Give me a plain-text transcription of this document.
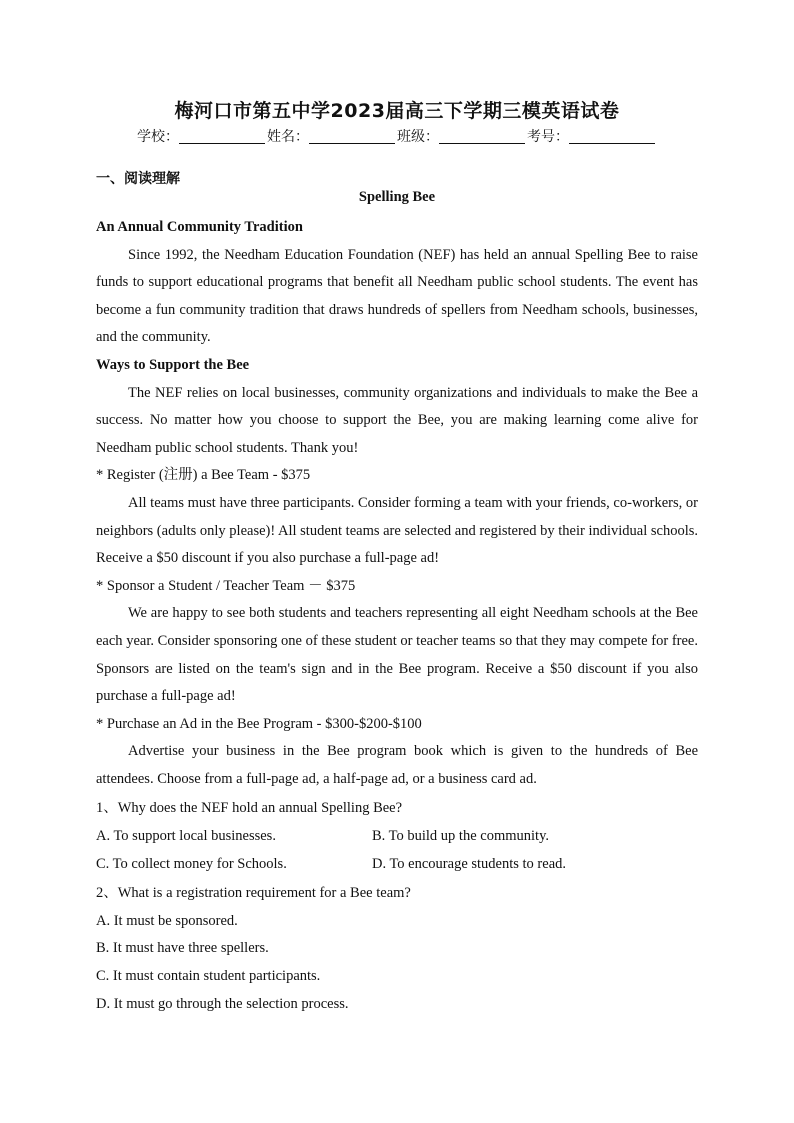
梅河口市第五中学2023届高三下学期三模英语试卷
学校：	姓名：	班级：	考号：
一、阅读理解
Spelling Bee

An Annual Community Tradition

Since 1992, the Needham Education Foundation (NEF) has held an annual Spelling Bee to raise funds to support educational programs that benefit all Needham public school students. The event has become a fun community tradition that draws hundreds of spellers from Needham schools, businesses, and the community.

Ways to Support the Bee

The NEF relies on local businesses, community organizations and individuals to make the Bee a success. No matter how you choose to support the Bee, you are making learning come alive for Needham public school students. Thank you!

* Register (注册) a Bee Team - $375

All teams must have three participants. Consider forming a team with your friends, co-workers, or neighbors (adults only please)! All student teams are selected and registered by their individual schools. Receive a $50 discount if you also purchase a full-page ad!

* Sponsor a Student / Teacher Team － $375

We are happy to see both students and teachers representing all eight Needham schools at the Bee each year. Consider sponsoring one of these student or teacher teams so that they may compete for free. Sponsors are listed on the team's sign and in the Bee program. Receive a $50 discount if you also purchase a full-page ad!

* Purchase an Ad in the Bee Program - $300-$200-$100

Advertise your business in the Bee program book which is given to the hundreds of Bee attendees. Choose from a full-page ad, a half-page ad, or a business card ad.

1、Why does the NEF hold an annual Spelling Bee?

A. To support local businesses.	B. To build up the community.
C. To collect money for Schools.	D. To encourage students to read.

2、What is a registration requirement for a Bee team?

A. It must be sponsored.

B. It must have three spellers.

C. It must contain student participants.

D. It must go through the selection process.
